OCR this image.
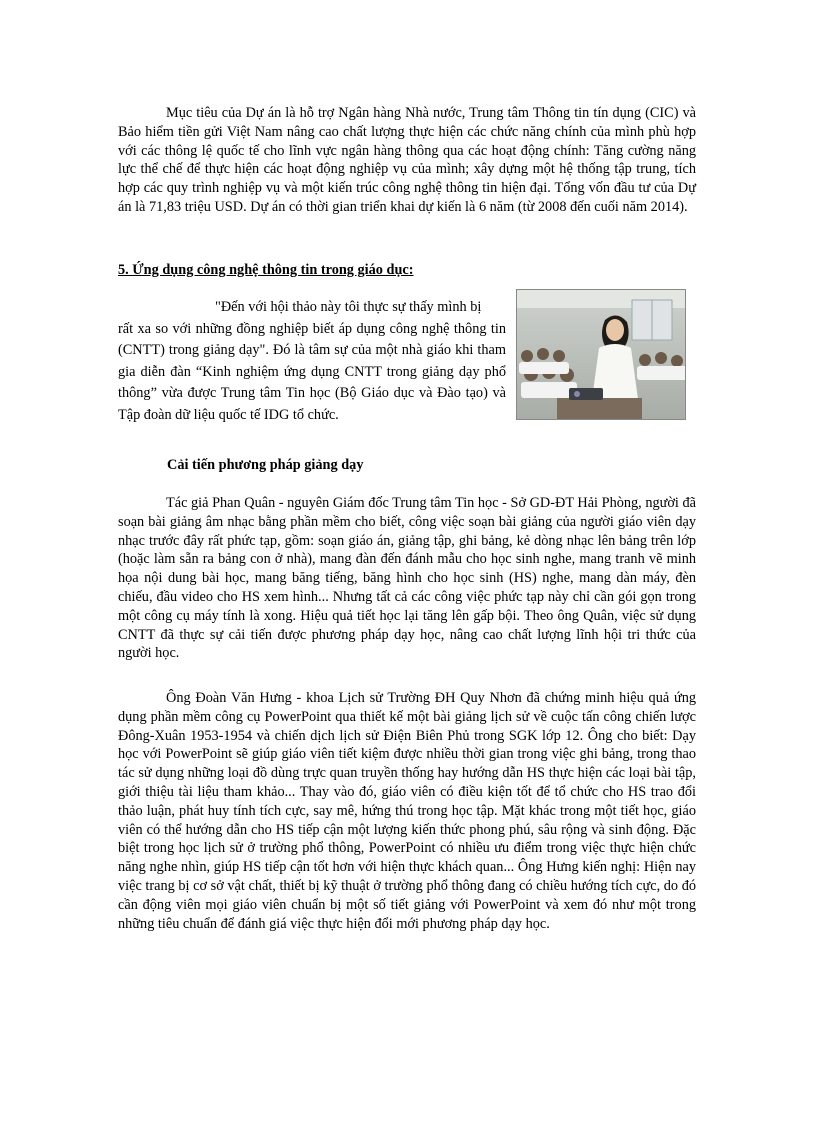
Mục tiêu của Dự án là hỗ trợ Ngân hàng Nhà nước, Trung tâm Thông tin tín dụng (CIC) và Bảo hiểm tiền gửi Việt Nam nâng cao chất lượng thực hiện các chức năng chính của mình phù hợp với các thông lệ quốc tế cho lĩnh vực ngân hàng thông qua các hoạt động chính: Tăng cường năng lực thể chế để thực hiện các hoạt động nghiệp vụ của mình; xây dựng một hệ thống tập trung, tích hợp các quy trình nghiệp vụ và một kiến trúc công nghệ thông tin hiện đại. Tổng vốn đầu tư của Dự án là 71,83 triệu USD. Dự án có thời gian triển khai dự kiến là 6 năm (từ 2008 đến cuối năm 2014).

5. Ứng dụng công nghệ thông tin trong giáo dục:

"Đến với hội thảo này tôi thực sự thấy mình bị
rất xa so với những đồng nghiệp biết áp dụng công nghệ thông tin (CNTT) trong giảng dạy". Đó là tâm sự của một nhà giáo khi tham gia diễn đàn “Kinh nghiệm ứng dụng CNTT trong giảng dạy phổ thông” vừa được Trung tâm Tin học (Bộ Giáo dục và Đào tạo) và Tập đoàn dữ liệu quốc tế IDG tổ chức.

Cải tiến phương pháp giảng dạy

Tác giả Phan Quân - nguyên Giám đốc Trung tâm Tin học - Sở GD-ĐT Hải Phòng, người đã soạn bài giảng âm nhạc bằng phần mềm cho biết, công việc soạn bài giảng của người giáo viên dạy nhạc trước đây rất phức tạp, gồm: soạn giáo án, giảng tập, ghi bảng, kẻ dòng nhạc lên bảng trên lớp (hoặc làm sẵn ra bảng con ở nhà), mang đàn đến đánh mẫu cho học sinh nghe, mang tranh vẽ minh họa nội dung bài học, mang băng tiếng, băng hình cho học sinh (HS) nghe, mang dàn máy, đèn chiếu, đầu video cho HS xem hình... Nhưng tất cả các công việc phức tạp này chỉ cần gói gọn trong một công cụ máy tính là xong. Hiệu quả tiết học lại tăng lên gấp bội. Theo ông Quân, việc sử dụng CNTT đã thực sự cải tiến được phương pháp dạy học, nâng cao chất lượng lĩnh hội tri thức của người học.

Ông Đoàn Văn Hưng - khoa Lịch sử Trường ĐH Quy Nhơn đã chứng minh hiệu quả ứng dụng phần mềm công cụ PowerPoint qua thiết kế một bài giảng lịch sử về cuộc tấn công chiến lược Đông-Xuân 1953-1954 và chiến dịch lịch sử Điện Biên Phủ trong SGK lớp 12. Ông cho biết: Dạy học với PowerPoint sẽ giúp giáo viên tiết kiệm được nhiều thời gian trong việc ghi bảng, trong thao tác sử dụng những loại đồ dùng trực quan truyền thống hay hướng dẫn HS thực hiện các loại bài tập, giới thiệu tài liệu tham khảo... Thay vào đó, giáo viên có điều kiện tốt để tổ chức cho HS trao đổi thảo luận, phát huy tính tích cực, say mê, hứng thú trong học tập. Mặt khác trong một tiết học, giáo viên có thể hướng dẫn cho HS tiếp cận một lượng kiến thức phong phú, sâu rộng và sinh động. Đặc biệt trong học lịch sử ở trường phổ thông, PowerPoint có nhiều ưu điểm trong việc thực hiện chức năng nghe nhìn, giúp HS tiếp cận tốt hơn với hiện thực khách quan... Ông Hưng kiến nghị: Hiện nay việc trang bị cơ sở vật chất, thiết bị kỹ thuật ở trường phổ thông đang có chiều hướng tích cực, do đó cần động viên mọi giáo viên chuẩn bị một số tiết giảng với PowerPoint và xem đó như một trong những tiêu chuẩn để đánh giá việc thực hiện đổi mới phương pháp dạy học.
